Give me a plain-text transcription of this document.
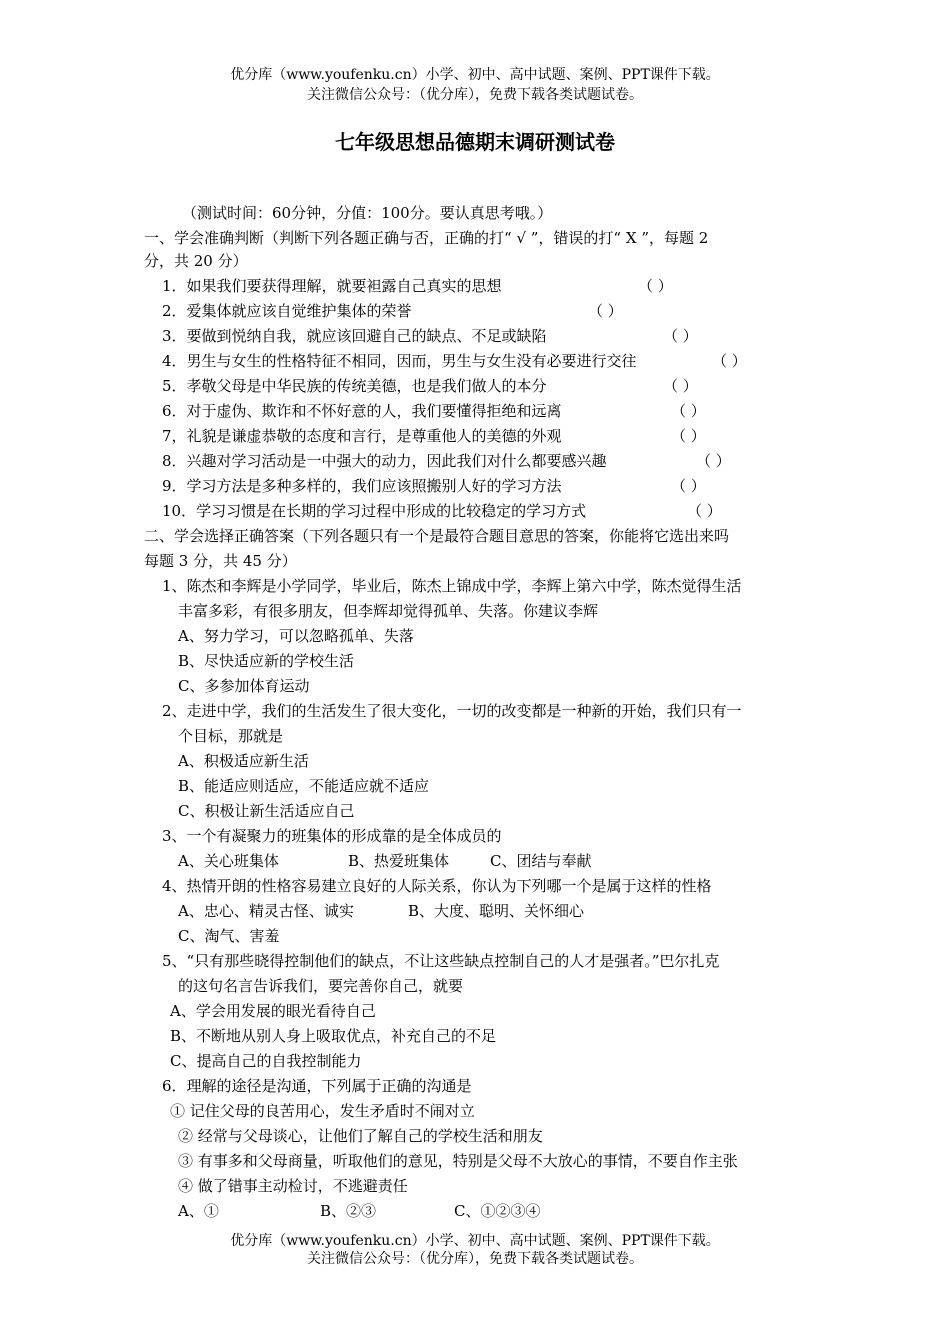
优分库（www.youfenku.cn）小学、初中、高中试题、案例、PPT课件下载。
关注微信公众号：（优分库），免费下载各类试题试卷。
七年级思想品德期末调研测试卷
（测试时间：60分钟，分值：100分。要认真思考哦。）
一、学会准确判断（判断下列各题正确与否，正确的打“ √ ”，错误的打“ Χ ”，每题 2
分，共 20 分）
1．如果我们要获得理解，就要袒露自己真实的思想	（ ）
2．爱集体就应该自觉维护集体的荣誉	（ ）
3．要做到悦纳自我，就应该回避自己的缺点、不足或缺陷	（ ）
4．男生与女生的性格特征不相同，因而，男生与女生没有必要进行交往	（ ）
5．孝敬父母是中华民族的传统美德，也是我们做人的本分	（ ）
6．对于虚伪、欺诈和不怀好意的人，我们要懂得拒绝和远离	（ ）
7，礼貌是谦虚恭敬的态度和言行，是尊重他人的美德的外观	（ ）
8．兴趣对学习活动是一中强大的动力，因此我们对什么都要感兴趣	（ ）
9．学习方法是多种多样的，我们应该照搬别人好的学习方法	（ ）
10．学习习惯是在长期的学习过程中形成的比较稳定的学习方式	（ ）
二、学会选择正确答案（下列各题只有一个是最符合题目意思的答案，你能将它选出来吗
每题 3 分，共 45 分）
1、陈杰和李辉是小学同学，毕业后，陈杰上锦成中学，李辉上第六中学，陈杰觉得生活
丰富多彩，有很多朋友，但李辉却觉得孤单、失落。你建议李辉
A、努力学习，可以忽略孤单、失落
B、尽快适应新的学校生活
C、多参加体育运动
2、走进中学，我们的生活发生了很大变化，一切的改变都是一种新的开始，我们只有一
个目标，那就是
A、积极适应新生活
B、能适应则适应，不能适应就不适应
C、积极让新生活适应自己
3、一个有凝聚力的班集体的形成靠的是全体成员的
A、关心班集体	B、热爱班集体	C、团结与奉献
4、热情开朗的性格容易建立良好的人际关系，你认为下列哪一个是属于这样的性格
A、忠心、精灵古怪、诚实	B、大度、聪明、关怀细心
C、淘气、害羞
5、“只有那些晓得控制他们的缺点，不让这些缺点控制自己的人才是强者。”巴尔扎克
的这句名言告诉我们，要完善你自己，就要
A、学会用发展的眼光看待自己
B、不断地从别人身上吸取优点，补充自己的不足
C、提高自己的自我控制能力
6．理解的途径是沟通，下列属于正确的沟通是
① 记住父母的良苦用心，发生矛盾时不闹对立
② 经常与父母谈心，让他们了解自己的学校生活和朋友
③ 有事多和父母商量，听取他们的意见，特别是父母不大放心的事情，不要自作主张
④ 做了错事主动检讨，不逃避责任
A、①	B、②③	C、①②③④
优分库（www.youfenku.cn）小学、初中、高中试题、案例、PPT课件下载。
关注微信公众号：（优分库），免费下载各类试题试卷。
